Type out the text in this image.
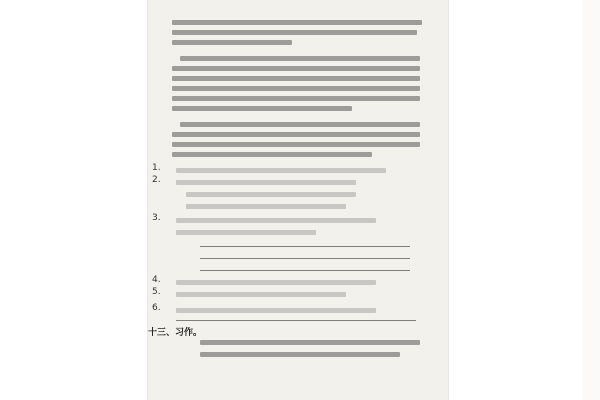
1.
2.
3.
4.
5.
6.
十三、习作。
